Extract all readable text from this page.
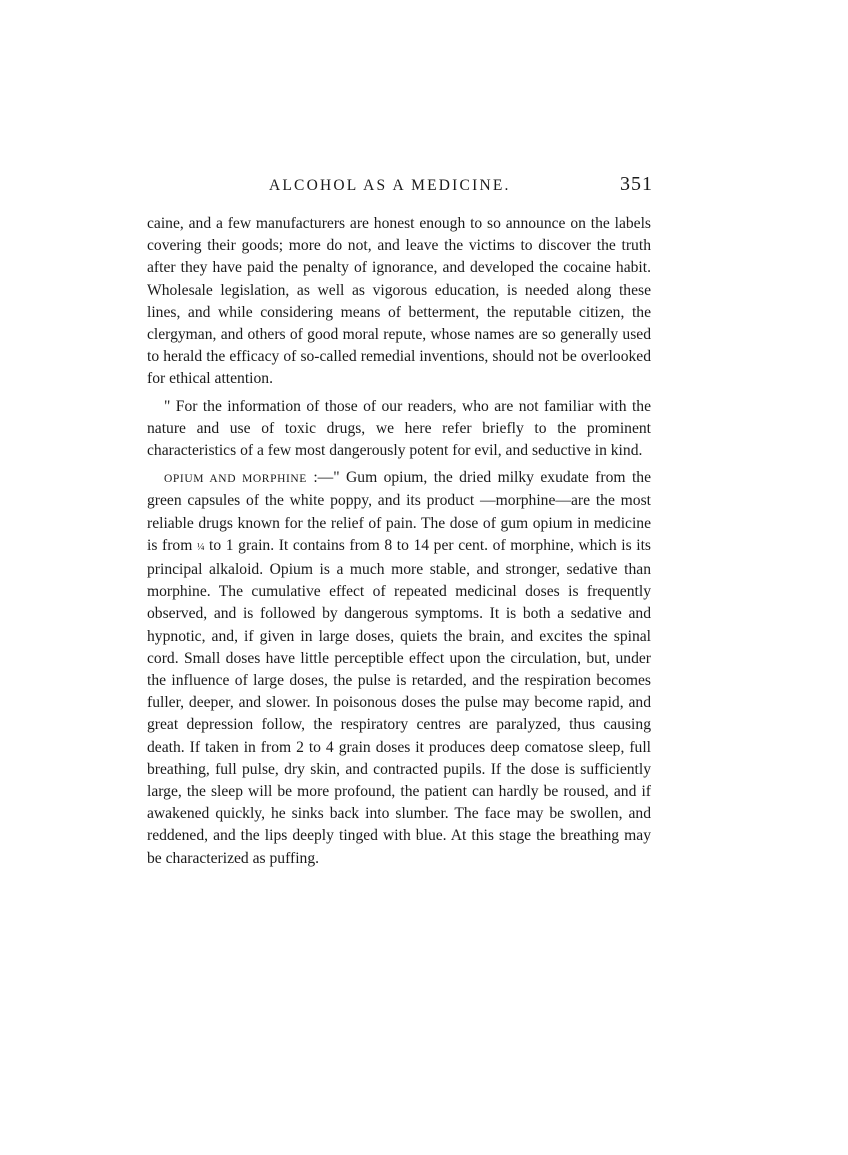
ALCOHOL AS A MEDICINE.	351

caine, and a few manufacturers are honest enough to so announce on the labels covering their goods; more do not, and leave the victims to discover the truth after they have paid the penalty of ignorance, and developed the cocaine habit. Wholesale legislation, as well as vigorous education, is needed along these lines, and while considering means of betterment, the reputable citizen, the clergyman, and others of good moral repute, whose names are so generally used to herald the efficacy of so-called remedial inventions, should not be overlooked for ethical attention.

" For the information of those of our readers, who are not familiar with the nature and use of toxic drugs, we here refer briefly to the prominent characteristics of a few most dangerously potent for evil, and seductive in kind.

OPIUM AND MORPHINE :—" Gum opium, the dried milky exudate from the green capsules of the white poppy, and its product —morphine—are the most reliable drugs known for the relief of pain. The dose of gum opium in medicine is from ¼ to 1 grain. It contains from 8 to 14 per cent. of morphine, which is its principal alkaloid. Opium is a much more stable, and stronger, sedative than morphine. The cumulative effect of repeated medicinal doses is frequently observed, and is followed by dangerous symptoms. It is both a sedative and hypnotic, and, if given in large doses, quiets the brain, and excites the spinal cord. Small doses have little perceptible effect upon the circulation, but, under the influence of large doses, the pulse is retarded, and the respiration becomes fuller, deeper, and slower. In poisonous doses the pulse may become rapid, and great depression follow, the respiratory centres are paralyzed, thus causing death. If taken in from 2 to 4 grain doses it produces deep comatose sleep, full breathing, full pulse, dry skin, and contracted pupils. If the dose is sufficiently large, the sleep will be more profound, the patient can hardly be roused, and if awakened quickly, he sinks back into slumber. The face may be swollen, and reddened, and the lips deeply tinged with blue. At this stage the breathing may be characterized as puffing.
